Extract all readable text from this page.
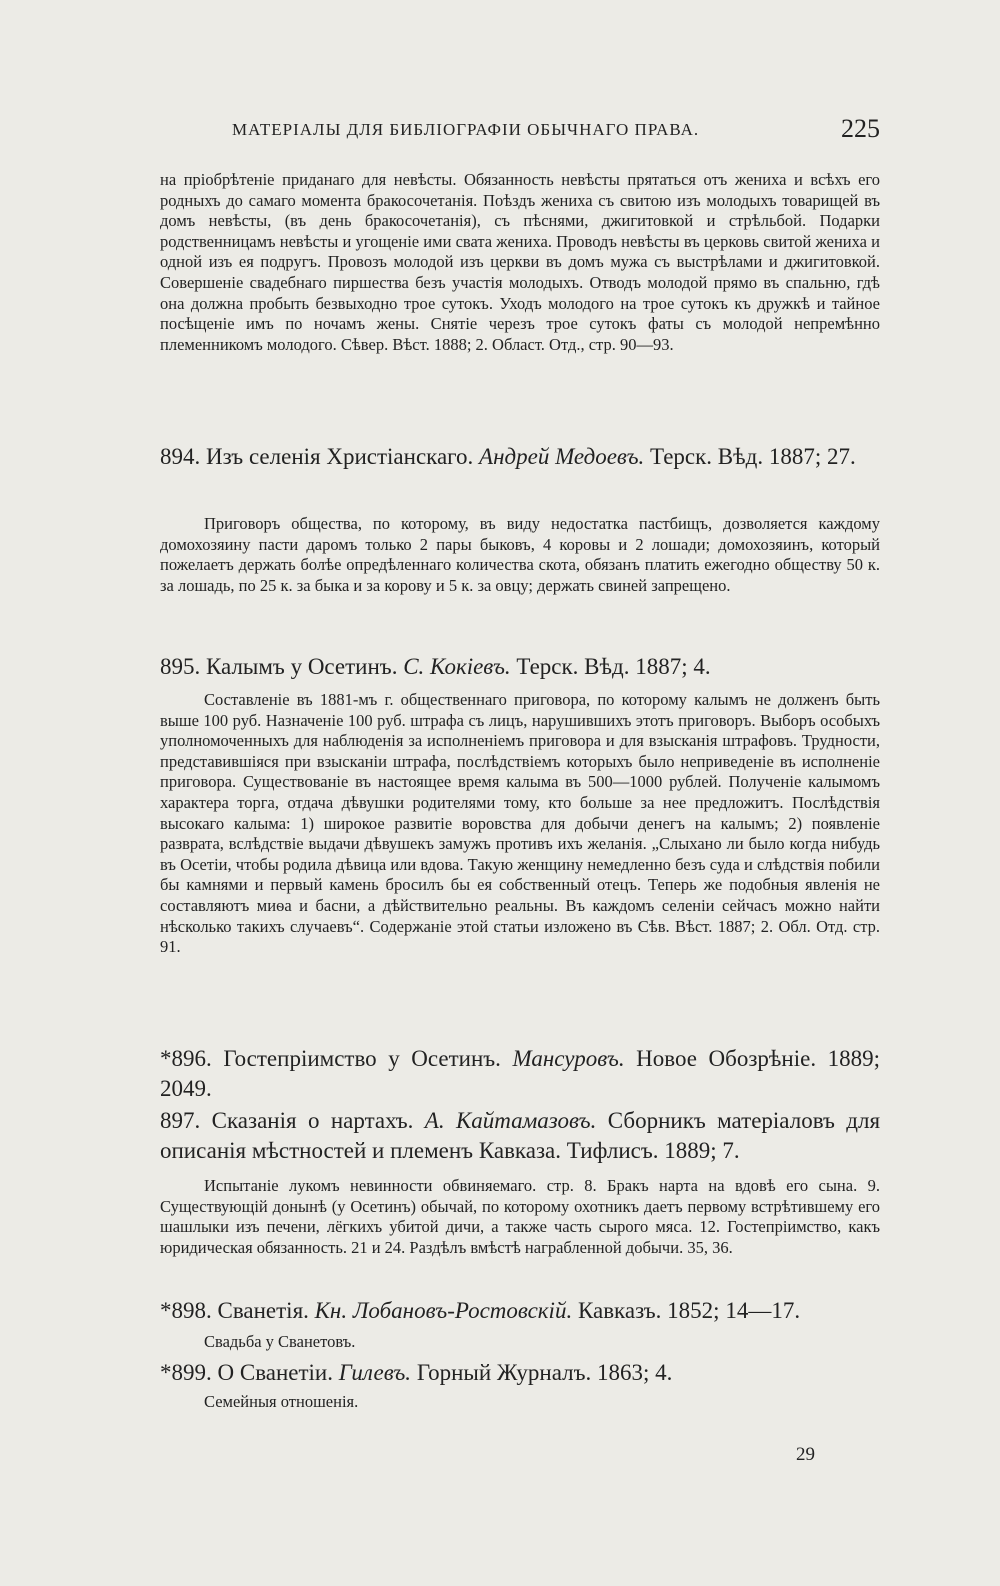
МАТЕРІАЛЫ ДЛЯ БИБЛІОГРАФІИ ОБЫЧНАГО ПРАВА.	225

на пріобрѣтеніе приданаго для невѣсты. Обязанность невѣсты прятаться отъ жениха и всѣхъ его родныхъ до самаго момента бракосочетанія. Поѣздъ жениха съ свитою изъ молодыхъ товарищей въ домъ невѣсты, (въ день бракосочетанія), съ пѣснями, джигитовкой и стрѣльбой. Подарки родственницамъ невѣсты и угощеніе ими свата жениха. Проводъ невѣсты въ церковь свитой жениха и одной изъ ея подругъ. Провозъ молодой изъ церкви въ домъ мужа съ выстрѣлами и джигитовкой. Совершеніе свадебнаго пиршества безъ участія молодыхъ. Отводъ молодой прямо въ спальню, гдѣ она должна пробыть безвыходно трое сутокъ. Уходъ молодого на трое сутокъ къ дружкѣ и тайное посѣщеніе имъ по ночамъ жены. Снятіе черезъ трое сутокъ фаты съ молодой непремѣнно племенникомъ молодого. Сѣвер. Вѣст. 1888; 2. Област. Отд., стр. 90—93.

894. Изъ селенія Христіанскаго. Андрей Медоевъ. Терск. Вѣд. 1887; 27.

Приговоръ общества, по которому, въ виду недостатка пастбищъ, дозволяется каждому домохозяину пасти даромъ только 2 пары быковъ, 4 коровы и 2 лошади; домохозяинъ, который пожелаетъ держать болѣе опредѣленнаго количества скота, обязанъ платить ежегодно обществу 50 к. за лошадь, по 25 к. за быка и за корову и 5 к. за овцу; держать свиней запрещено.

895. Калымъ у Осетинъ. С. Кокіевъ. Терск. Вѣд. 1887; 4.

Составленіе въ 1881-мъ г. общественнаго приговора, по которому калымъ не долженъ быть выше 100 руб. Назначеніе 100 руб. штрафа съ лицъ, нарушившихъ этотъ приговоръ. Выборъ особыхъ уполномоченныхъ для наблюденія за исполненіемъ приговора и для взысканія штрафовъ. Трудности, представившіяся при взысканіи штрафа, послѣдствіемъ которыхъ было неприведеніе въ исполненіе приговора. Существованіе въ настоящее время калыма въ 500—1000 рублей. Полученіе калымомъ характера торга, отдача дѣвушки родителями тому, кто больше за нее предложитъ. Послѣдствія высокаго калыма: 1) широкое развитіе воровства для добычи денегъ на калымъ; 2) появленіе разврата, вслѣдствіе выдачи дѣвушекъ замужъ противъ ихъ желанія. „Слыхано ли было когда нибудь въ Осетіи, чтобы родила дѣвица или вдова. Такую женщину немедленно безъ суда и слѣдствія побили бы камнями и первый камень бросилъ бы ея собственный отецъ. Теперь же подобныя явленія не составляютъ миѳа и басни, а дѣйствительно реальны. Въ каждомъ селеніи сейчасъ можно найти нѣсколько такихъ случаевъ“. Содержаніе этой статьи изложено въ Сѣв. Вѣст. 1887; 2. Обл. Отд. стр. 91.

*896. Гостепріимство у Осетинъ. Мансуровъ. Новое Обозрѣніе. 1889; 2049.

897. Сказанія о нартахъ. А. Кайтамазовъ. Сборникъ матеріаловъ для описанія мѣстностей и племенъ Кавказа. Тифлисъ. 1889; 7.

Испытаніе лукомъ невинности обвиняемаго. стр. 8. Бракъ нарта на вдовѣ его сына. 9. Существующій донынѣ (у Осетинъ) обычай, по которому охотникъ даетъ первому встрѣтившему его шашлыки изъ печени, лёгкихъ убитой дичи, а также часть сырого мяса. 12. Гостепріимство, какъ юридическая обязанность. 21 и 24. Раздѣлъ вмѣстѣ награбленной добычи. 35, 36.

*898. Сванетія. Кн. Лобановъ-Ростовскій. Кавказъ. 1852; 14—17.

Свадьба у Сванетовъ.

*899. О Сванетіи. Гилевъ. Горный Журналъ. 1863; 4.

Семейныя отношенія.

29
